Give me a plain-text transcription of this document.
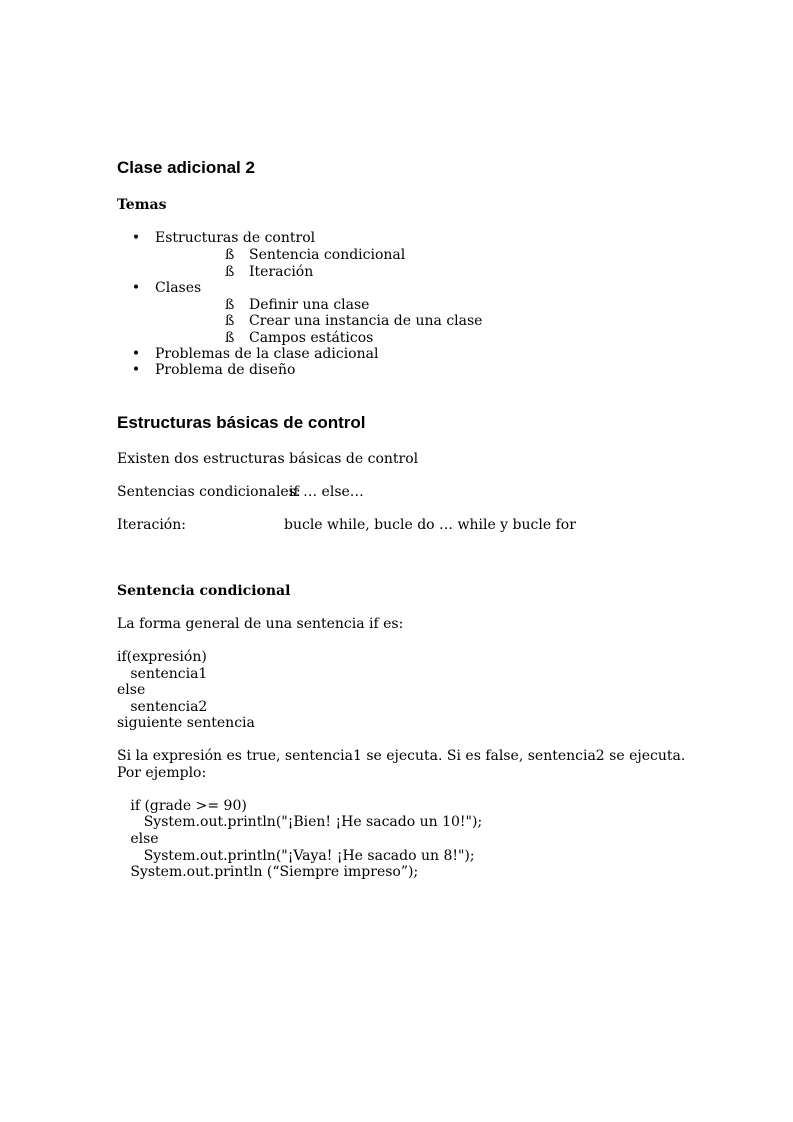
Clase adicional 2
Temas
• Estructuras de control
ß Sentencia condicional
ß Iteración
• Clases
ß Definir una clase
ß Crear una instancia de una clase
ß Campos estáticos
• Problemas de la clase adicional
• Problema de diseño
Estructuras básicas de control
Existen dos estructuras básicas de control
Sentencias condicionales:
if … else…
Iteración:	bucle while, bucle do … while y bucle for
Sentencia condicional
La forma general de una sentencia if es:
if(expresión)
sentencia1
else
sentencia2
siguiente sentencia
Si la expresión es true, sentencia1 se ejecuta. Si es false, sentencia2 se ejecuta.
Por ejemplo:
if (grade >= 90)
System.out.println("¡Bien! ¡He sacado un 10!");
else
System.out.println("¡Vaya! ¡He sacado un 8!");
System.out.println (“Siempre impreso”);
